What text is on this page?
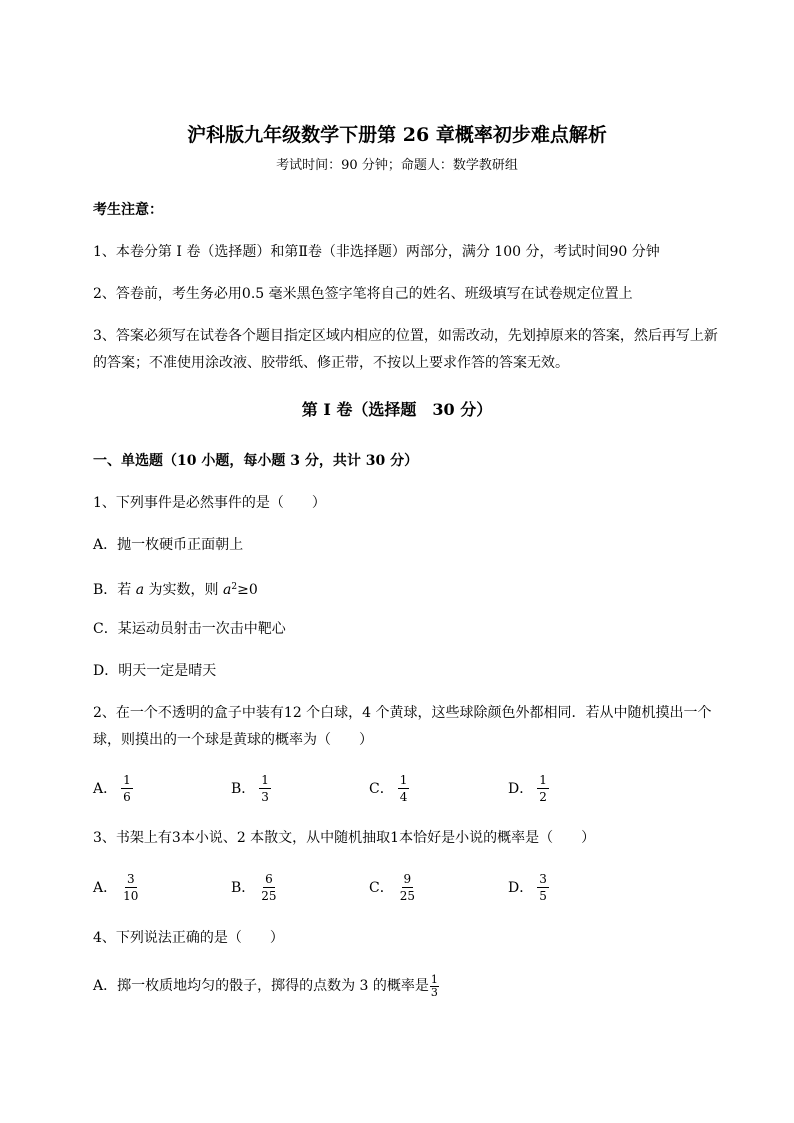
沪科版九年级数学下册第 26 章概率初步难点解析
考试时间：90 分钟；命题人：数学教研组
考生注意：
1、本卷分第 I 卷（选择题）和第Ⅱ卷（非选择题）两部分，满分 100 分，考试时间90 分钟
2、答卷前，考生务必用0.5 毫米黑色签字笔将自己的姓名、班级填写在试卷规定位置上
3、答案必须写在试卷各个题目指定区域内相应的位置，如需改动，先划掉原来的答案，然后再写上新
的答案；不准使用涂改液、胶带纸、修正带，不按以上要求作答的答案无效。
第 I 卷（选择题　30 分）
一、单选题（10 小题，每小题 3 分，共计 30 分）
1、下列事件是必然事件的是（　　）
A．抛一枚硬币正面朝上
B．若 a 为实数，则 $a^2\ge 0$
C．某运动员射击一次击中靶心
D．明天一定是晴天
2、在一个不透明的盒子中装有12 个白球，4 个黄球，这些球除颜色外都相同．若从中随机摸出一个
球，则摸出的一个球是黄球的概率为（　　）
A． $\frac{1}{6}$	B． $\frac{1}{3}$	C． $\frac{1}{4}$	D． $\frac{1}{2}$
3、书架上有3本小说、2 本散文，从中随机抽取1本恰好是小说的概率是（　　）
A． $\frac{3}{10}$	B． $\frac{6}{25}$	C． $\frac{9}{25}$	D． $\frac{3}{5}$
4、下列说法正确的是（　　）
A．掷一枚质地均匀的骰子，掷得的点数为 3 的概率是 $\frac{1}{3}$
